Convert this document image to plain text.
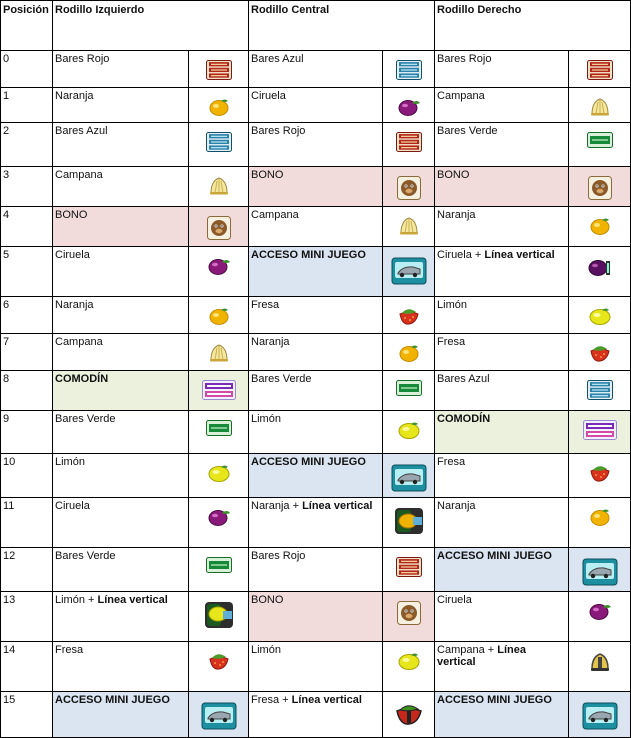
Posición	Rodillo Izquierdo		Rodillo Central		Rodillo Derecho	
0	Bares Rojo		Bares Azul		Bares Rojo	

1	Naranja		Ciruela		Campana	

2	Bares Azul		Bares Rojo		Bares Verde	

3	Campana		BONO		BONO	

4	BONO		Campana		Naranja	

5	Ciruela		ACCESO MINI JUEGO		Ciruela + Línea vertical	

6	Naranja		Fresa		Limón	

7	Campana		Naranja		Fresa	

8	COMODÍN		Bares Verde		Bares Azul	

9	Bares Verde		Limón		COMODÍN	

10	Limón		ACCESO MINI JUEGO		Fresa	

11	Ciruela		Naranja + Línea vertical		Naranja	

12	Bares Verde		Bares Rojo		ACCESO MINI JUEGO	

13	Limón + Línea vertical		BONO		Ciruela	

14	Fresa		Limón		Campana + Línea vertical	

15	ACCESO MINI JUEGO		Fresa + Línea vertical		ACCESO MINI JUEGO	
